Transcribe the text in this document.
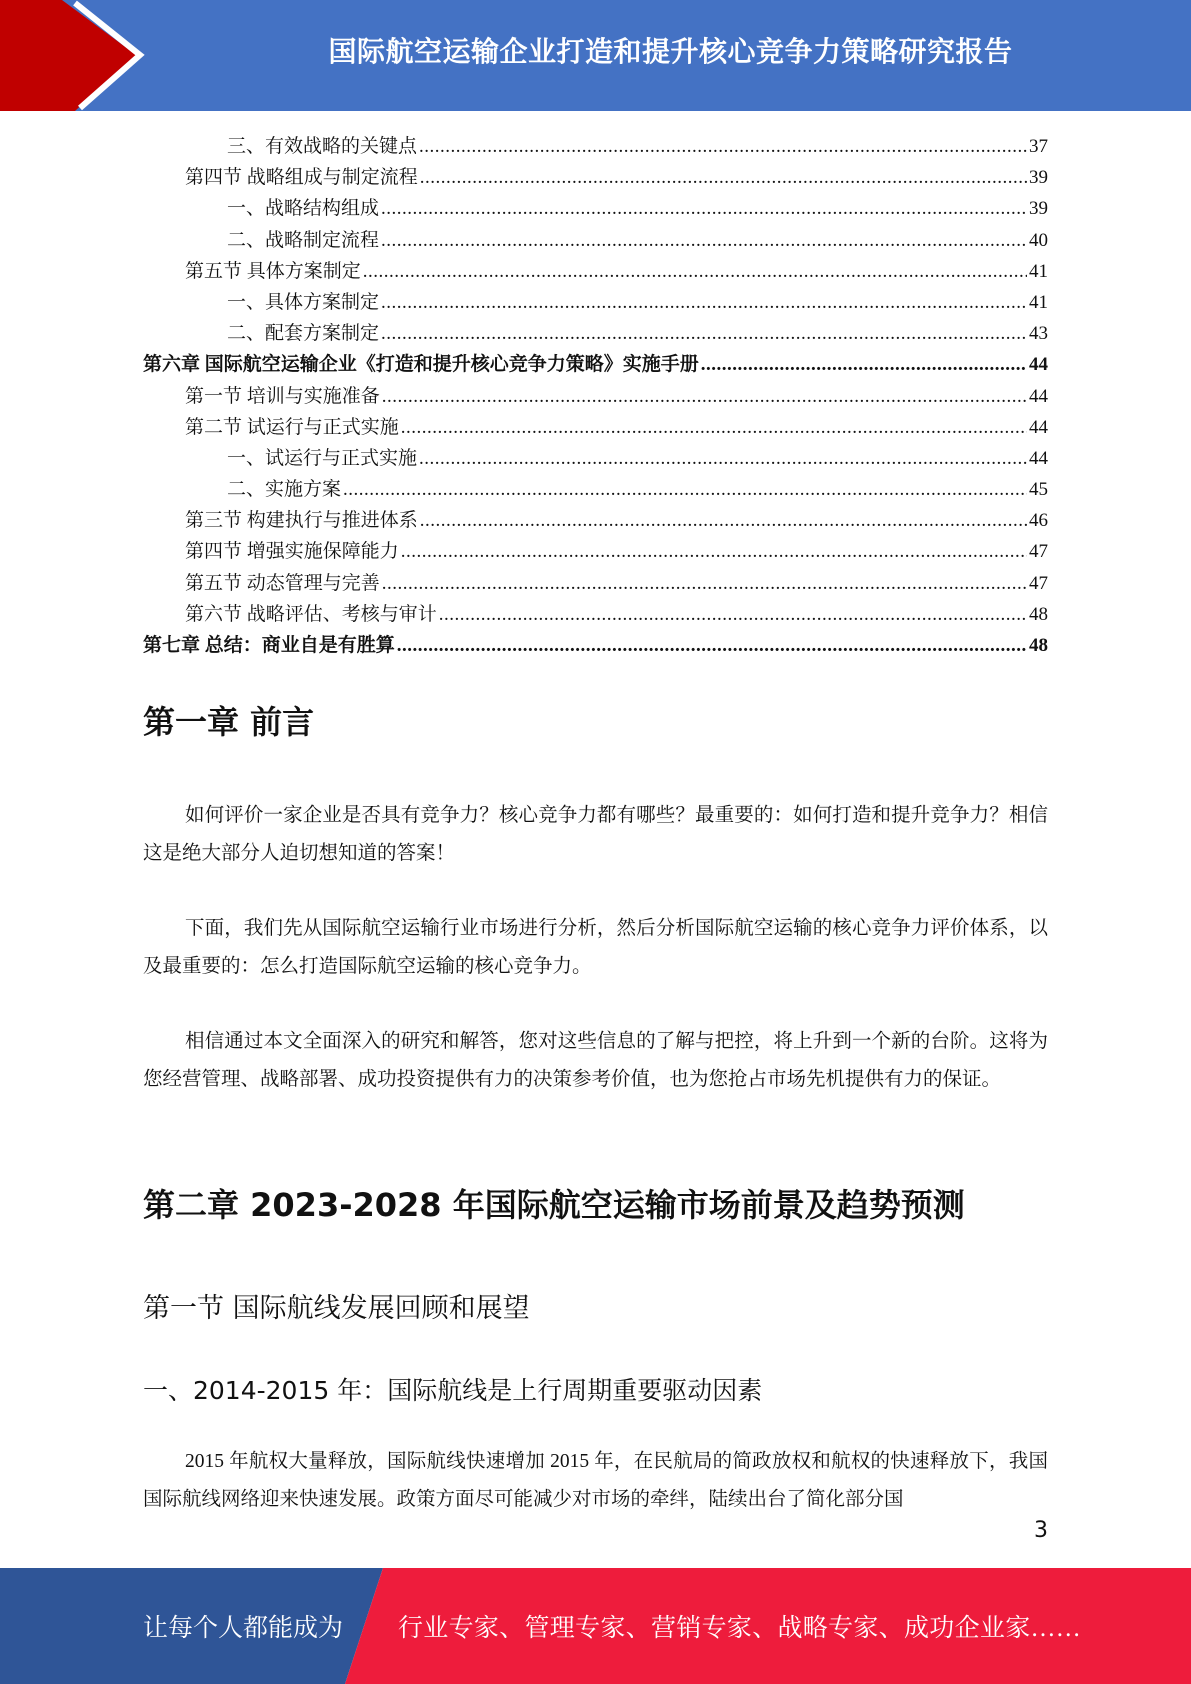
国际航空运输企业打造和提升核心竞争力策略研究报告
三、有效战略的关键点 .....	37
第四节 战略组成与制定流程 .....	39
一、战略结构组成 .....	39
二、战略制定流程 .....	40
第五节 具体方案制定 .....	41
一、具体方案制定 .....	41
二、配套方案制定 .....	43
第六章 国际航空运输企业《打造和提升核心竞争力策略》实施手册 .....	44
第一节 培训与实施准备 .....	44
第二节 试运行与正式实施 .....	44
一、试运行与正式实施 .....	44
二、实施方案 .....	45
第三节 构建执行与推进体系 .....	46
第四节 增强实施保障能力 .....	47
第五节 动态管理与完善 .....	47
第六节 战略评估、考核与审计 .....	48
第七章 总结：商业自是有胜算 .....	48
第一章 前言

如何评价一家企业是否具有竞争力？核心竞争力都有哪些？最重要的：如何打造和提升竞争力？相信这是绝大部分人迫切想知道的答案！

下面，我们先从国际航空运输行业市场进行分析，然后分析国际航空运输的核心竞争力评价体系，以及最重要的：怎么打造国际航空运输的核心竞争力。

相信通过本文全面深入的研究和解答，您对这些信息的了解与把控，将上升到一个新的台阶。这将为您经营管理、战略部署、成功投资提供有力的决策参考价值，也为您抢占市场先机提供有力的保证。

第二章 2023-2028 年国际航空运输市场前景及趋势预测
第一节 国际航线发展回顾和展望
一、2014-2015 年：国际航线是上行周期重要驱动因素

2015 年航权大量释放，国际航线快速增加 2015 年，在民航局的简政放权和航权的快速释放下，我国国际航线网络迎来快速发展。政策方面尽可能减少对市场的牵绊，陆续出台了简化部分国

3
让每个人都能成为 行业专家、管理专家、营销专家、战略专家、成功企业家……
